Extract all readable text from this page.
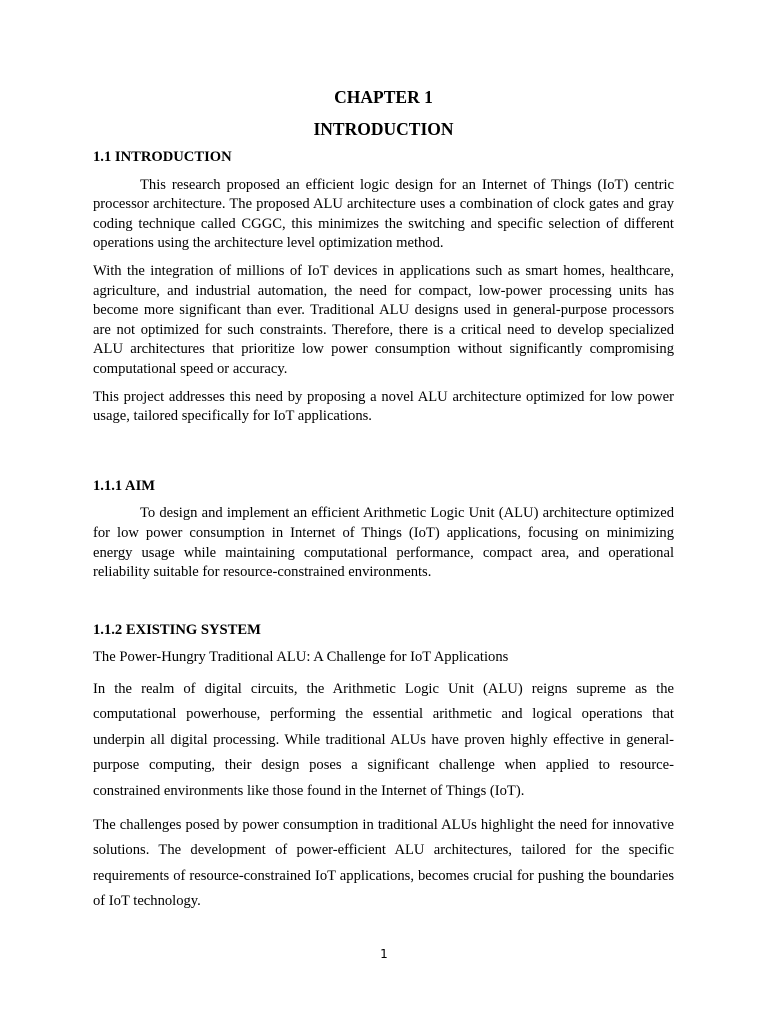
CHAPTER 1
INTRODUCTION
1.1 INTRODUCTION

This research proposed an efficient logic design for an Internet of Things (IoT) centric processor architecture. The proposed ALU architecture uses a combination of clock gates and gray coding technique called CGGC, this minimizes the switching and specific selection of different operations using the architecture level optimization method.

With the integration of millions of IoT devices in applications such as smart homes, healthcare, agriculture, and industrial automation, the need for compact, low-power processing units has become more significant than ever. Traditional ALU designs used in general-purpose processors are not optimized for such constraints. Therefore, there is a critical need to develop specialized ALU architectures that prioritize low power consumption without significantly compromising computational speed or accuracy.

This project addresses this need by proposing a novel ALU architecture optimized for low power usage, tailored specifically for IoT applications.

1.1.1 AIM

To design and implement an efficient Arithmetic Logic Unit (ALU) architecture optimized for low power consumption in Internet of Things (IoT) applications, focusing on minimizing energy usage while maintaining computational performance, compact area, and operational reliability suitable for resource-constrained environments.

1.1.2 EXISTING SYSTEM

The Power-Hungry Traditional ALU: A Challenge for IoT Applications

In the realm of digital circuits, the Arithmetic Logic Unit (ALU) reigns supreme as the computational powerhouse, performing the essential arithmetic and logical operations that underpin all digital processing. While traditional ALUs have proven highly effective in general-purpose computing, their design poses a significant challenge when applied to resource-constrained environments like those found in the Internet of Things (IoT).

The challenges posed by power consumption in traditional ALUs highlight the need for innovative solutions. The development of power-efficient ALU architectures, tailored for the specific requirements of resource-constrained IoT applications, becomes crucial for pushing the boundaries of IoT technology.

1
